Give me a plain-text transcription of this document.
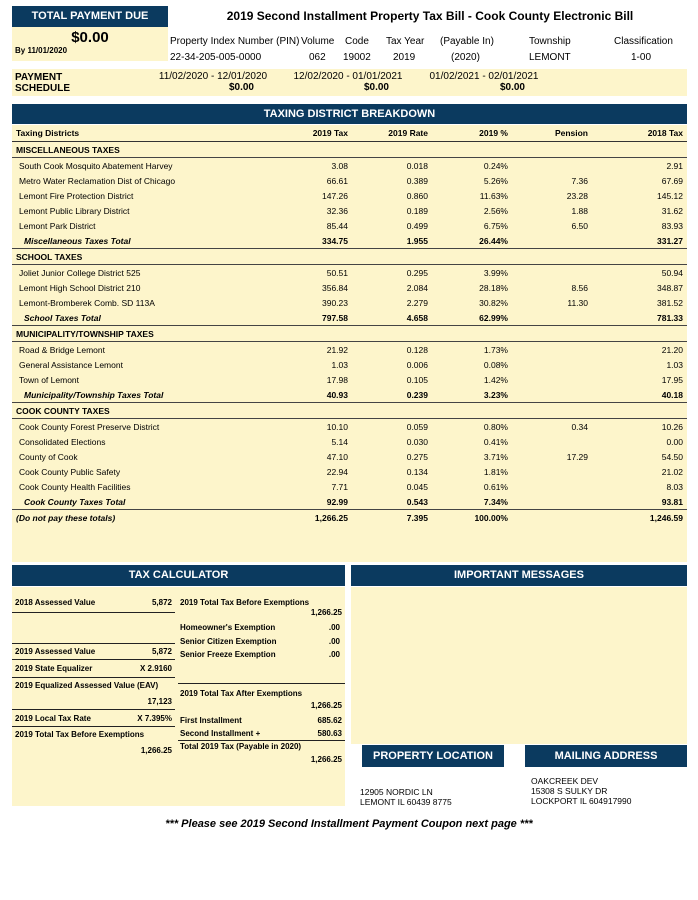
TOTAL PAYMENT DUE
$0.00
By 11/01/2020
2019 Second Installment Property Tax Bill - Cook County Electronic Bill
Property Index Number (PIN)
22-34-205-005-0000
Volume
062
Code
19002
Tax Year
2019
(Payable In)
(2020)
Township
LEMONT
Classification
1-00
PAYMENT
SCHEDULE
11/02/2020 - 12/01/2020
$0.00
12/02/2020 - 01/01/2021
$0.00
01/02/2021 - 02/01/2021
$0.00
TAXING DISTRICT BREAKDOWN
Taxing Districts	2019 Tax	2019 Rate	2019 %	Pension	2018 Tax
MISCELLANEOUS TAXES					
South Cook Mosquito Abatement Harvey	3.08	0.018	0.24%		2.91
Metro Water Reclamation Dist of Chicago	66.61	0.389	5.26%	7.36	67.69
Lemont Fire Protection District	147.26	0.860	11.63%	23.28	145.12
Lemont Public Library District	32.36	0.189	2.56%	1.88	31.62
Lemont Park District	85.44	0.499	6.75%	6.50	83.93
Miscellaneous Taxes Total	334.75	1.955	26.44%		331.27
SCHOOL TAXES					
Joliet Junior College District 525	50.51	0.295	3.99%		50.94
Lemont High School District 210	356.84	2.084	28.18%	8.56	348.87
Lemont-Bromberek Comb. SD 113A	390.23	2.279	30.82%	11.30	381.52
School Taxes Total	797.58	4.658	62.99%		781.33
MUNICIPALITY/TOWNSHIP TAXES					
Road & Bridge Lemont	21.92	0.128	1.73%		21.20
General Assistance Lemont	1.03	0.006	0.08%		1.03
Town of Lemont	17.98	0.105	1.42%		17.95
Municipality/Township Taxes Total	40.93	0.239	3.23%		40.18
COOK COUNTY TAXES					
Cook County Forest Preserve District	10.10	0.059	0.80%	0.34	10.26
Consolidated Elections	5.14	0.030	0.41%		0.00
County of Cook	47.10	0.275	3.71%	17.29	54.50
Cook County Public Safety	22.94	0.134	1.81%		21.02
Cook County Health Facilities	7.71	0.045	0.61%		8.03
Cook County Taxes Total	92.99	0.543	7.34%		93.81
(Do not pay these totals)	1,266.25	7.395	100.00%		1,246.59
TAX CALCULATOR
2018 Assessed Value	5,872
2019 Assessed Value	5,872
2019 State Equalizer	X 2.9160
2019 Equalized Assessed Value (EAV)
17,123
2019 Local Tax Rate	X 7.395%
2019 Total Tax Before Exemptions
1,266.25
2019 Total Tax Before Exemptions
1,266.25
Homeowner's Exemption	.00
Senior Citizen Exemption	.00
Senior Freeze Exemption	.00
2019 Total Tax After Exemptions
1,266.25
First Installment	685.62
Second Installment +	580.63
Total 2019 Tax (Payable in 2020)
1,266.25
IMPORTANT MESSAGES
PROPERTY LOCATION	MAILING ADDRESS
12905 NORDIC LN
LEMONT IL 60439 8775
OAKCREEK DEV
15308 S SULKY DR
LOCKPORT IL 604917990
*** Please see 2019 Second Installment Payment Coupon next page ***
